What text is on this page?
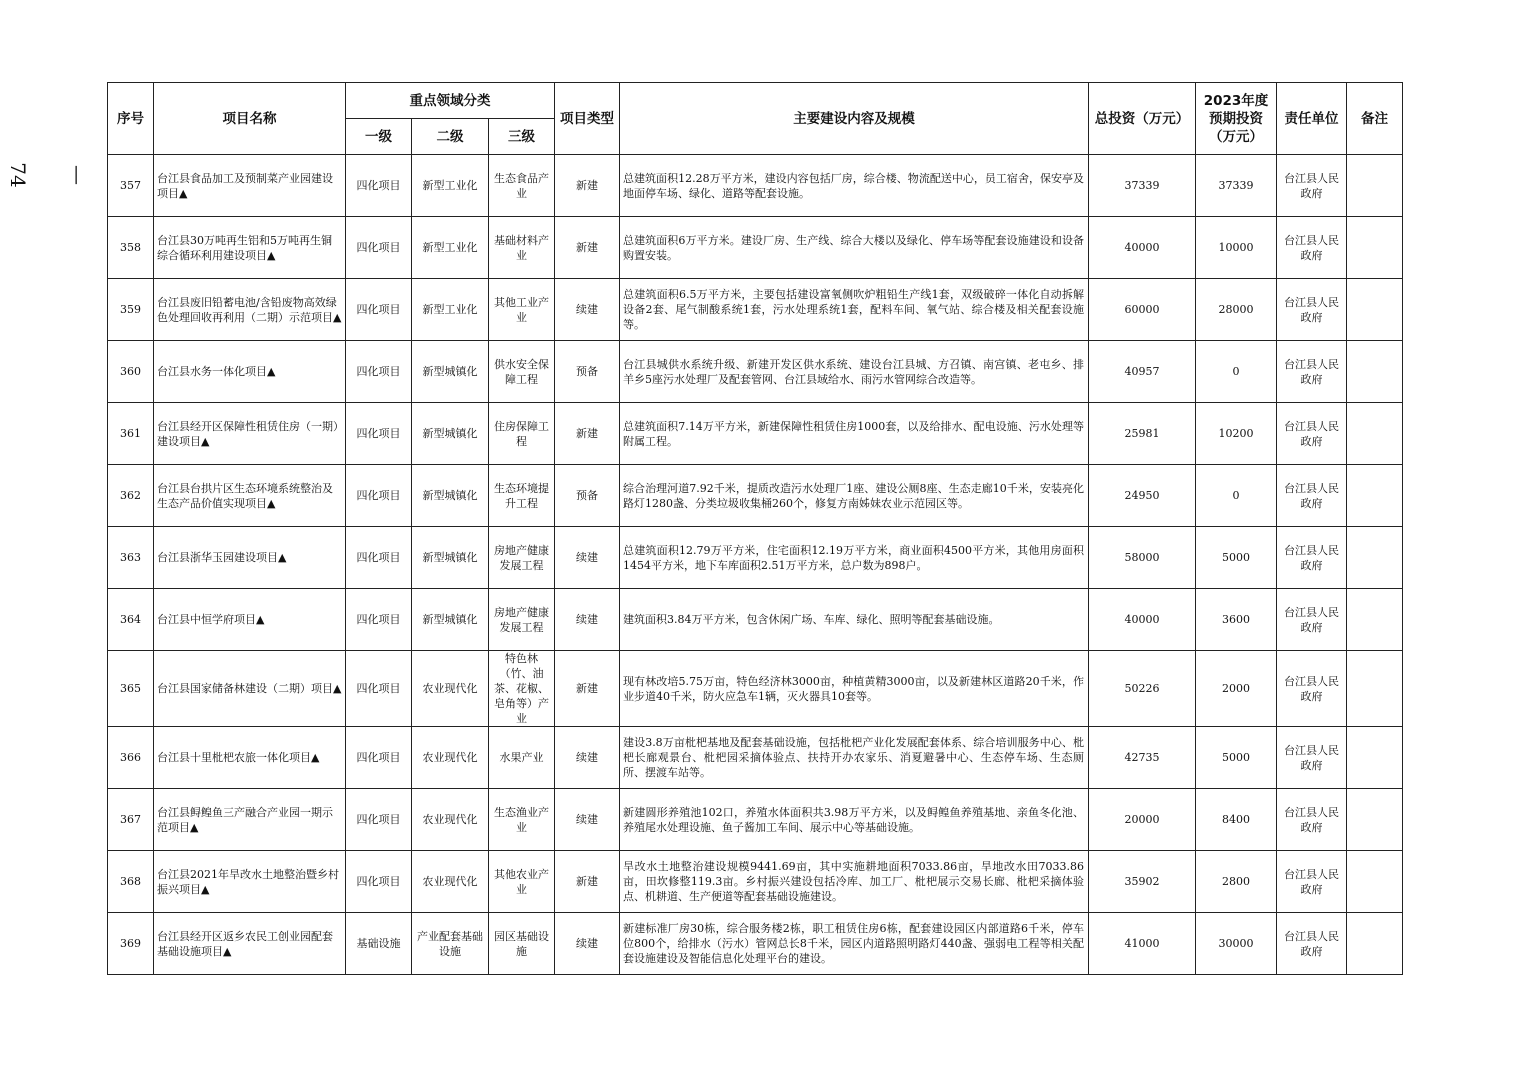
—74
序号	项目名称	重点领域分类			项目类型	主要建设内容及规模	总投资（万元）	2023年度预期投资（万元）	责任单位	备注
		一级	二级	三级						
357	台江县食品加工及预制菜产业园建设项目▲	四化项目	新型工业化	生态食品产业	新建	总建筑面积12.28万平方米，建设内容包括厂房，综合楼、物流配送中心，员工宿舍，保安亭及地面停车场、绿化、道路等配套设施。	37339	37339	台江县人民政府	
358	台江县30万吨再生铝和5万吨再生铜综合循环利用建设项目▲	四化项目	新型工业化	基础材料产业	新建	总建筑面积6万平方米。建设厂房、生产线、综合大楼以及绿化、停车场等配套设施建设和设备购置安装。	40000	10000	台江县人民政府	
359	台江县废旧铅蓄电池/含铅废物高效绿色处理回收再利用（二期）示范项目▲	四化项目	新型工业化	其他工业产业	续建	总建筑面积6.5万平方米，主要包括建设富氧侧吹炉粗铅生产线1套，双级破碎一体化自动拆解设备2套、尾气制酸系统1套，污水处理系统1套，配料车间、氧气站、综合楼及相关配套设施等。	60000	28000	台江县人民政府	
360	台江县水务一体化项目▲	四化项目	新型城镇化	供水安全保障工程	预备	台江县城供水系统升级、新建开发区供水系统、建设台江县城、方召镇、南宫镇、老屯乡、排羊乡5座污水处理厂及配套管网、台江县域给水、雨污水管网综合改造等。	40957	0	台江县人民政府	
361	台江县经开区保障性租赁住房（一期）建设项目▲	四化项目	新型城镇化	住房保障工程	新建	总建筑面积7.14万平方米，新建保障性租赁住房1000套，以及给排水、配电设施、污水处理等附属工程。	25981	10200	台江县人民政府	
362	台江县台拱片区生态环境系统整治及生态产品价值实现项目▲	四化项目	新型城镇化	生态环境提升工程	预备	综合治理河道7.92千米，提质改造污水处理厂1座、建设公厕8座、生态走廊10千米，安装亮化路灯1280盏、分类垃圾收集桶260个，修复方南姊妹农业示范园区等。	24950	0	台江县人民政府	
363	台江县浙华玉园建设项目▲	四化项目	新型城镇化	房地产健康发展工程	续建	总建筑面积12.79万平方米，住宅面积12.19万平方米，商业面积4500平方米，其他用房面积1454平方米，地下车库面积2.51万平方米，总户数为898户。	58000	5000	台江县人民政府	
364	台江县中恒学府项目▲	四化项目	新型城镇化	房地产健康发展工程	续建	建筑面积3.84万平方米，包含休闲广场、车库、绿化、照明等配套基础设施。	40000	3600	台江县人民政府	
365	台江县国家储备林建设（二期）项目▲	四化项目	农业现代化	特色林（竹、油茶、花椒、皂角等）产业	新建	现有林改培5.75万亩，特色经济林3000亩，种植黄精3000亩，以及新建林区道路20千米，作业步道40千米，防火应急车1辆，灭火器具10套等。	50226	2000	台江县人民政府	
366	台江县十里枇杷农旅一体化项目▲	四化项目	农业现代化	水果产业	续建	建设3.8万亩枇杷基地及配套基础设施，包括枇杷产业化发展配套体系、综合培训服务中心、枇杷长廊观景台、枇杷园采摘体验点、扶持开办农家乐、消夏避暑中心、生态停车场、生态厕所、摆渡车站等。	42735	5000	台江县人民政府	
367	台江县鲟鳇鱼三产融合产业园一期示范项目▲	四化项目	农业现代化	生态渔业产业	续建	新建圆形养殖池102口，养殖水体面积共3.98万平方米，以及鲟鳇鱼养殖基地、亲鱼冬化池、养殖尾水处理设施、鱼子酱加工车间、展示中心等基础设施。	20000	8400	台江县人民政府	
368	台江县2021年旱改水土地整治暨乡村振兴项目▲	四化项目	农业现代化	其他农业产业	新建	旱改水土地整治建设规模9441.69亩，其中实施耕地面积7033.86亩，旱地改水田7033.86亩，田坎修整119.3亩。乡村振兴建设包括冷库、加工厂、枇杷展示交易长廊、枇杷采摘体验点、机耕道、生产便道等配套基础设施建设。	35902	2800	台江县人民政府	
369	台江县经开区返乡农民工创业园配套基础设施项目▲	基础设施	产业配套基础设施	园区基础设施	续建	新建标准厂房30栋，综合服务楼2栋，职工租赁住房6栋，配套建设园区内部道路6千米，停车位800个，给排水（污水）管网总长8千米，园区内道路照明路灯440盏、强弱电工程等相关配套设施建设及智能信息化处理平台的建设。	41000	30000	台江县人民政府	
